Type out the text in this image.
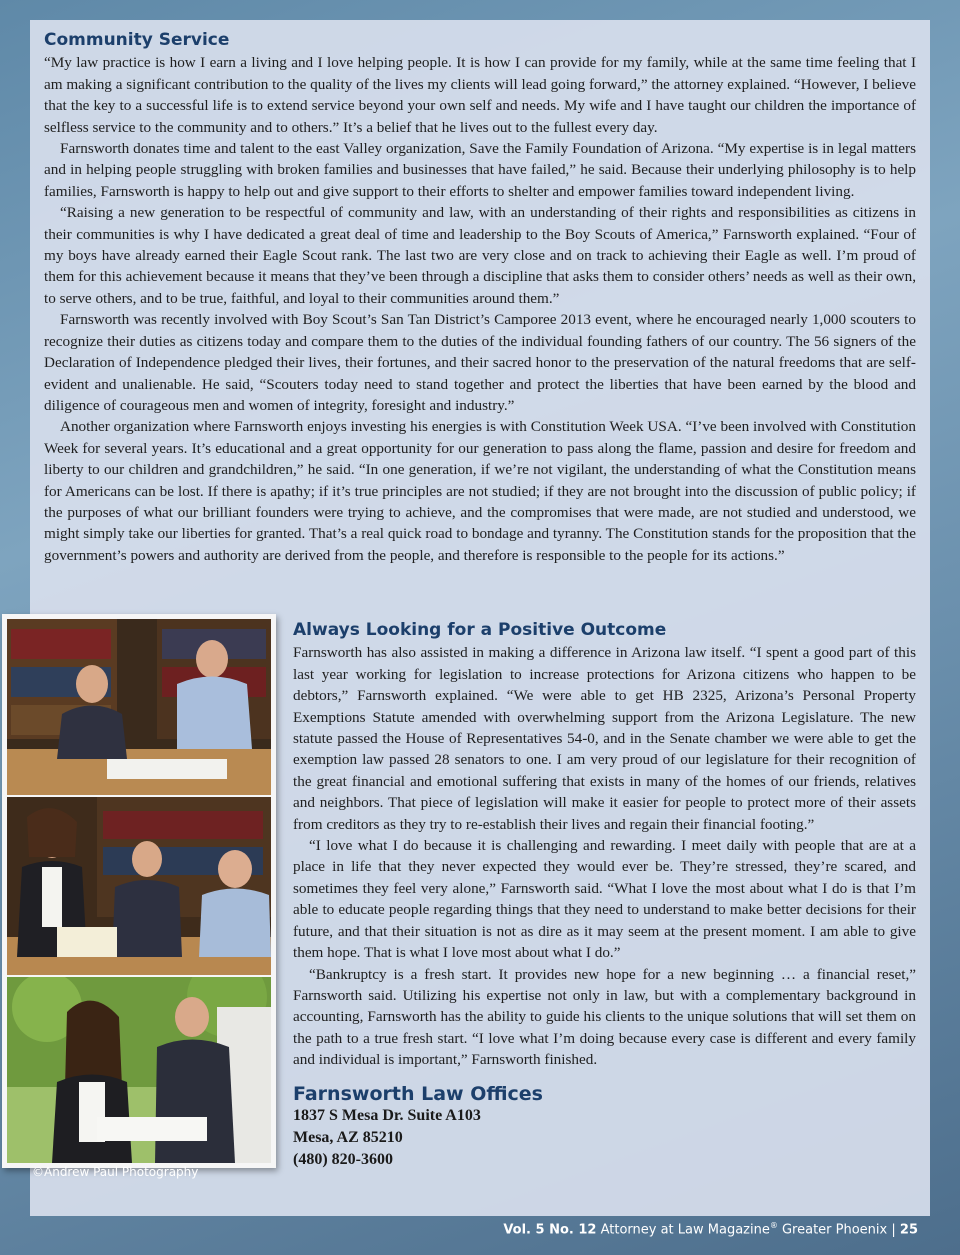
Community Service

“My law practice is how I earn a living and I love helping people. It is how I can provide for my family, while at the same time feeling that I am making a significant contribution to the quality of the lives my clients will lead going forward,” the attorney explained. “However, I believe that the key to a successful life is to extend service beyond your own self and needs. My wife and I have taught our children the importance of selfless service to the community and to others.” It’s a belief that he lives out to the fullest every day.

Farnsworth donates time and talent to the east Valley organization, Save the Family Foundation of Arizona. “My expertise is in legal matters and in helping people struggling with broken families and businesses that have failed,” he said. Because their underlying philosophy is to help families, Farnsworth is happy to help out and give support to their efforts to shelter and empower families toward independent living.

“Raising a new generation to be respectful of community and law, with an understanding of their rights and responsibilities as citizens in their communities is why I have dedicated a great deal of time and leadership to the Boy Scouts of America,” Farnsworth explained. “Four of my boys have already earned their Eagle Scout rank. The last two are very close and on track to achieving their Eagle as well. I’m proud of them for this achievement because it means that they’ve been through a discipline that asks them to consider others’ needs as well as their own, to serve others, and to be true, faithful, and loyal to their communities around them.”

Farnsworth was recently involved with Boy Scout’s San Tan District’s Camporee 2013 event, where he encouraged nearly 1,000 scouters to recognize their duties as citizens today and compare them to the duties of the individual founding fathers of our country. The 56 signers of the Declaration of Independence pledged their lives, their fortunes, and their sacred honor to the preservation of the natural freedoms that are self-evident and unalienable. He said, “Scouters today need to stand together and protect the liberties that have been earned by the blood and diligence of courageous men and women of integrity, foresight and industry.”

Another organization where Farnsworth enjoys investing his energies is with Constitution Week USA. “I’ve been involved with Constitution Week for several years. It’s educational and a great opportunity for our generation to pass along the flame, passion and desire for freedom and liberty to our children and grandchildren,” he said. “In one generation, if we’re not vigilant, the understanding of what the Constitution means for Americans can be lost. If there is apathy; if it’s true principles are not studied; if they are not brought into the discussion of public policy; if the purposes of what our brilliant founders were trying to achieve, and the compromises that were made, are not studied and understood, we might simply take our liberties for granted. That’s a real quick road to bondage and tyranny. The Constitution stands for the proposition that the government’s powers and authority are derived from the people, and therefore is responsible to the people for its actions.”

©Andrew Paul Photography
Always Looking for a Positive Outcome

Farnsworth has also assisted in making a difference in Arizona law itself. “I spent a good part of this last year working for legislation to increase protections for Arizona citizens who happen to be debtors,” Farnsworth explained. “We were able to get HB 2325, Arizona’s Personal Property Exemptions Statute amended with overwhelming support from the Arizona Legislature. The new statute passed the House of Representatives 54-0, and in the Senate chamber we were able to get the exemption law passed 28 senators to one. I am very proud of our legislature for their recognition of the great financial and emotional suffering that exists in many of the homes of our friends, relatives and neighbors. That piece of legislation will make it easier for people to protect more of their assets from creditors as they try to re-establish their lives and regain their financial footing.”

“I love what I do because it is challenging and rewarding. I meet daily with people that are at a place in life that they never expected they would ever be. They’re stressed, they’re scared, and sometimes they feel very alone,” Farnsworth said. “What I love the most about what I do is that I’m able to educate people regarding things that they need to understand to make better decisions for their future, and that their situation is not as dire as it may seem at the present moment. I am able to give them hope. That is what I love most about what I do.”

“Bankruptcy is a fresh start. It provides new hope for a new beginning … a financial reset,” Farnsworth said. Utilizing his expertise not only in law, but with a complementary background in accounting, Farnsworth has the ability to guide his clients to the unique solutions that will set them on the path to a true fresh start. “I love what I’m doing because every case is different and every family and individual is important,” Farnsworth finished.

Farnsworth Law Offices
1837 S Mesa Dr. Suite A103
Mesa, AZ 85210
(480) 820-3600
Vol. 5 No. 12 Attorney at Law Magazine® Greater Phoenix | 25
